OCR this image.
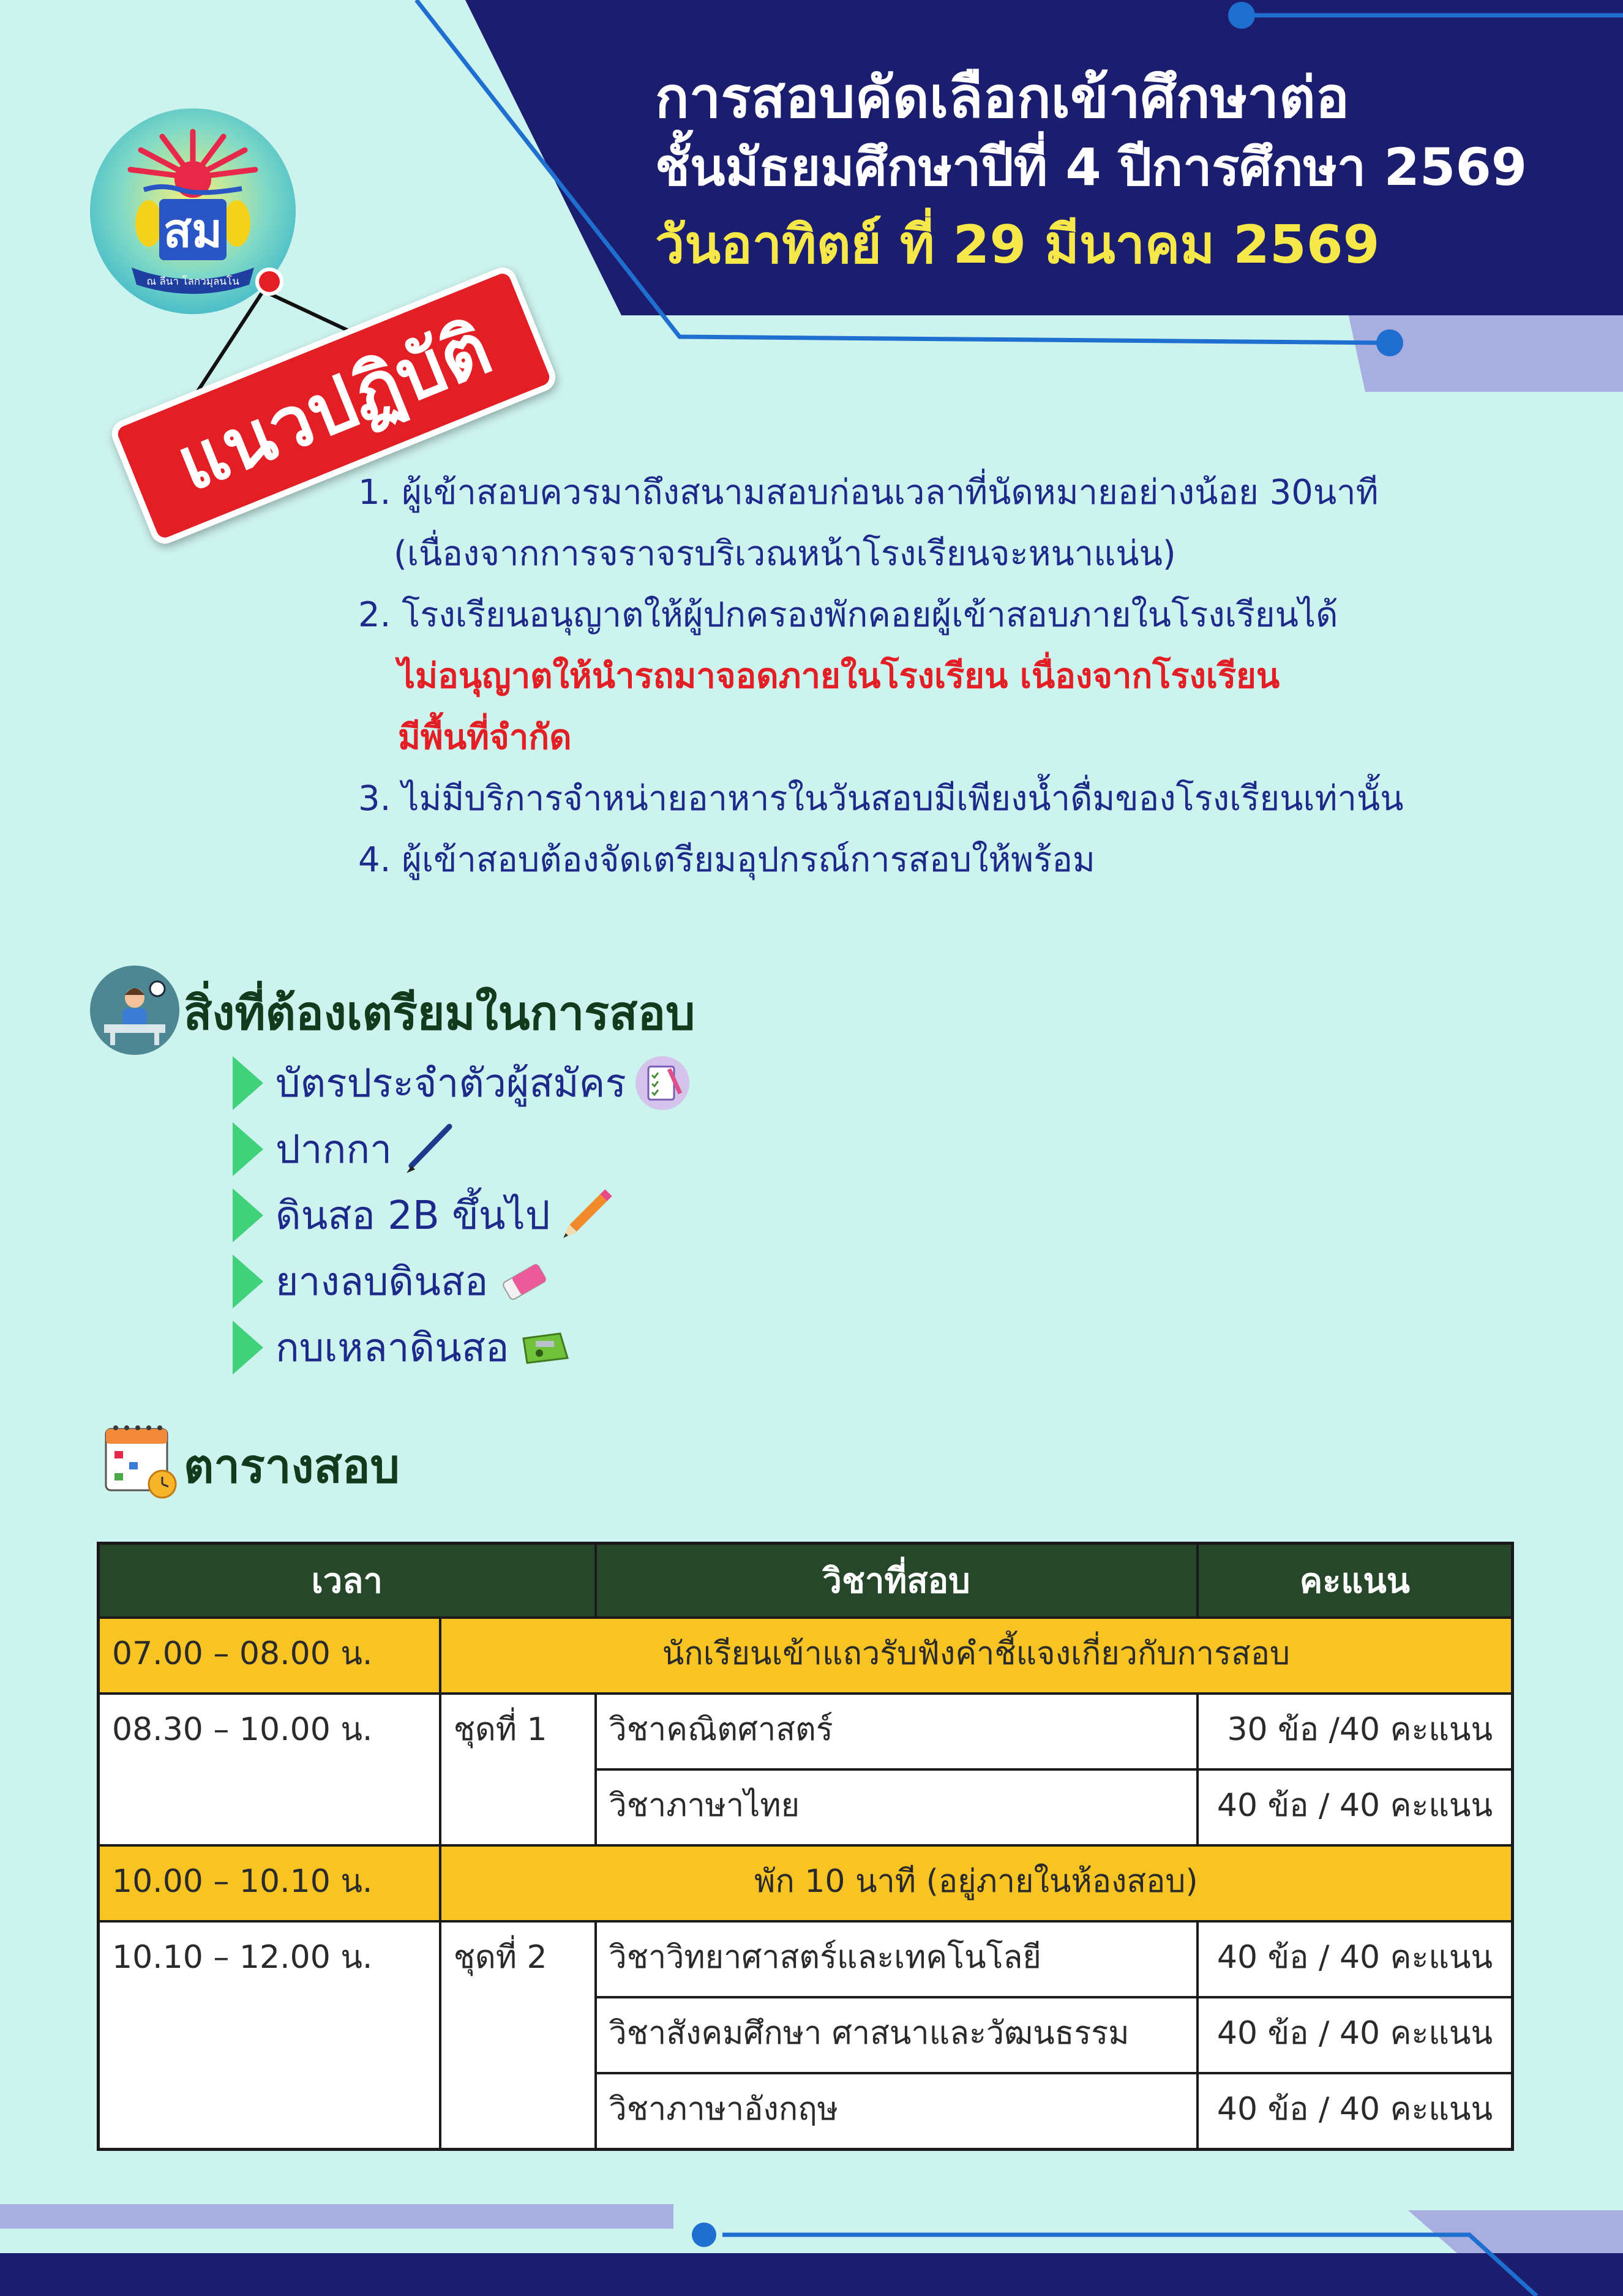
การสอบคัดเลือกเข้าศึกษาต่อ
ชั้นมัธยมศึกษาปีที่ 4 ปีการศึกษา 2569
วันอาทิตย์ ที่ 29 มีนาคม 2569
สม
ณ ลีนา โลกวมุลนโน
แนวปฏิบัติ
1. ผู้เข้าสอบควรมาถึงสนามสอบก่อนเวลาที่นัดหมายอย่างน้อย 30นาที
(เนื่องจากการจราจรบริเวณหน้าโรงเรียนจะหนาแน่น)
2. โรงเรียนอนุญาตให้ผู้ปกครองพักคอยผู้เข้าสอบภายในโรงเรียนได้
ไม่อนุญาตให้นำรถมาจอดภายในโรงเรียน เนื่องจากโรงเรียน
มีพื้นที่จำกัด
3. ไม่มีบริการจำหน่ายอาหารในวันสอบมีเพียงน้ำดื่มของโรงเรียนเท่านั้น
4. ผู้เข้าสอบต้องจัดเตรียมอุปกรณ์การสอบให้พร้อม
สิ่งที่ต้องเตรียมในการสอบ
บัตรประจำตัวผู้สมัคร
ปากกา
ดินสอ 2B ขึ้นไป
ยางลบดินสอ
กบเหลาดินสอ
ตารางสอบ
เวลา		วิชาที่สอบ	คะแนน
07.00 – 08.00 น.	นักเรียนเข้าแถวรับฟังคำชี้แจงเกี่ยวกับการสอบ		
08.30 – 10.00 น.	ชุดที่ 1	วิชาคณิตศาสตร์	30 ข้อ /40 คะแนน
		วิชาภาษาไทย	40 ข้อ / 40 คะแนน
10.00 – 10.10 น.	พัก 10 นาที (อยู่ภายในห้องสอบ)		
10.10 – 12.00 น.	ชุดที่ 2	วิชาวิทยาศาสตร์และเทคโนโลยี	40 ข้อ / 40 คะแนน
		วิชาสังคมศึกษา ศาสนาและวัฒนธรรม	40 ข้อ / 40 คะแนน
		วิชาภาษาอังกฤษ	40 ข้อ / 40 คะแนน
